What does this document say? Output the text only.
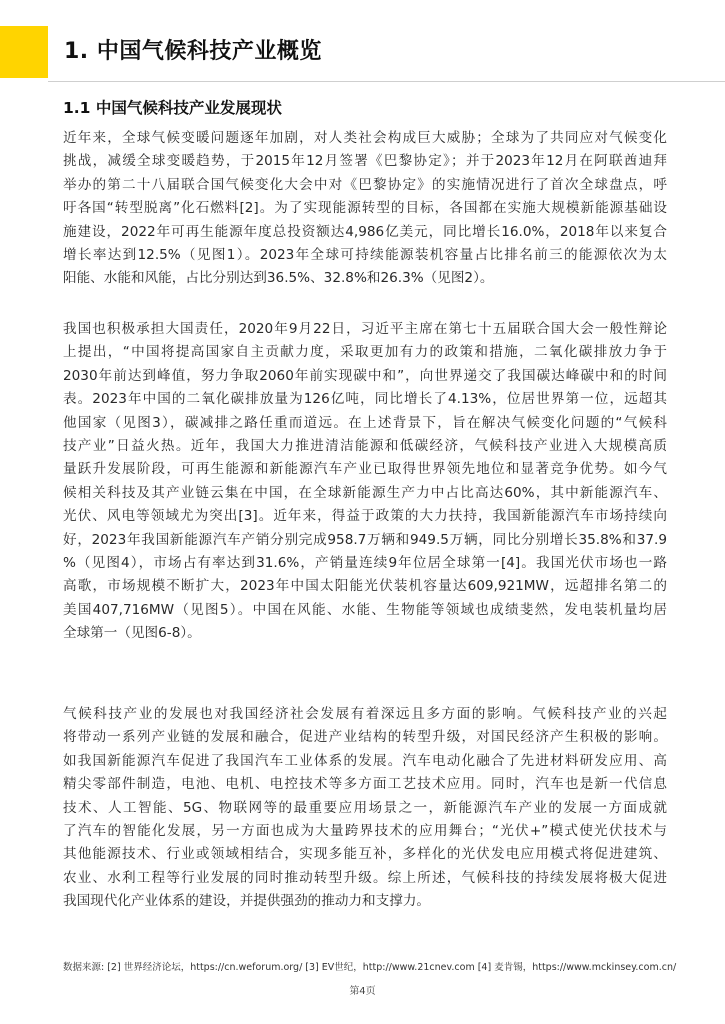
1. 中国气候科技产业概览
1.1 中国气候科技产业发展现状
近年来，全球气候变暖问题逐年加剧，对人类社会构成巨大威胁；全球为了共同应对气候变化
挑战，减缓全球变暖趋势，于2015年12月签署《巴黎协定》；并于2023年12月在阿联酋迪拜
举办的第二十八届联合国气候变化大会中对《巴黎协定》的实施情况进行了首次全球盘点，呼
吁各国“转型脱离”化石燃料[2]。为了实现能源转型的目标，各国都在实施大规模新能源基础设
施建设，2022年可再生能源年度总投资额达4,986亿美元，同比增长16.0%，2018年以来复合
增长率达到12.5%（见图1）。2023年全球可持续能源装机容量占比排名前三的能源依次为太
阳能、水能和风能，占比分别达到36.5%、32.8%和26.3%（见图2）。
我国也积极承担大国责任，2020年9月22日，习近平主席在第七十五届联合国大会一般性辩论
上提出，“中国将提高国家自主贡献力度，采取更加有力的政策和措施，二氧化碳排放力争于
2030年前达到峰值，努力争取2060年前实现碳中和”，向世界递交了我国碳达峰碳中和的时间
表。2023年中国的二氧化碳排放量为126亿吨，同比增长了4.13%，位居世界第一位，远超其
他国家（见图3），碳减排之路任重而道远。在上述背景下，旨在解决气候变化问题的“气候科
技产业”日益火热。近年，我国大力推进清洁能源和低碳经济，气候科技产业进入大规模高质
量跃升发展阶段，可再生能源和新能源汽车产业已取得世界领先地位和显著竞争优势。如今气
候相关科技及其产业链云集在中国，在全球新能源生产力中占比高达60%，其中新能源汽车、
光伏、风电等领域尤为突出[3]。近年来，得益于政策的大力扶持，我国新能源汽车市场持续向
好，2023年我国新能源汽车产销分别完成958.7万辆和949.5万辆，同比分别增长35.8%和37.9
%（见图4），市场占有率达到31.6%，产销量连续9年位居全球第一[4]。我国光伏市场也一路
高歌，市场规模不断扩大，2023年中国太阳能光伏装机容量达609,921MW，远超排名第二的
美国407,716MW（见图5）。中国在风能、水能、生物能等领域也成绩斐然，发电装机量均居
全球第一（见图6-8）。
气候科技产业的发展也对我国经济社会发展有着深远且多方面的影响。气候科技产业的兴起
将带动一系列产业链的发展和融合，促进产业结构的转型升级，对国民经济产生积极的影响。
如我国新能源汽车促进了我国汽车工业体系的发展。汽车电动化融合了先进材料研发应用、高
精尖零部件制造，电池、电机、电控技术等多方面工艺技术应用。同时，汽车也是新一代信息
技术、人工智能、5G、物联网等的最重要应用场景之一，新能源汽车产业的发展一方面成就
了汽车的智能化发展，另一方面也成为大量跨界技术的应用舞台；“光伏+”模式使光伏技术与
其他能源技术、行业或领域相结合，实现多能互补，多样化的光伏发电应用模式将促进建筑、
农业、水利工程等行业发展的同时推动转型升级。综上所述，气候科技的持续发展将极大促进
我国现代化产业体系的建设，并提供强劲的推动力和支撑力。
数据来源: [2] 世界经济论坛，https://cn.weforum.org/ [3] EV世纪，http://www.21cnev.com [4] 麦肯锡，https://www.mckinsey.com.cn/
第4页
